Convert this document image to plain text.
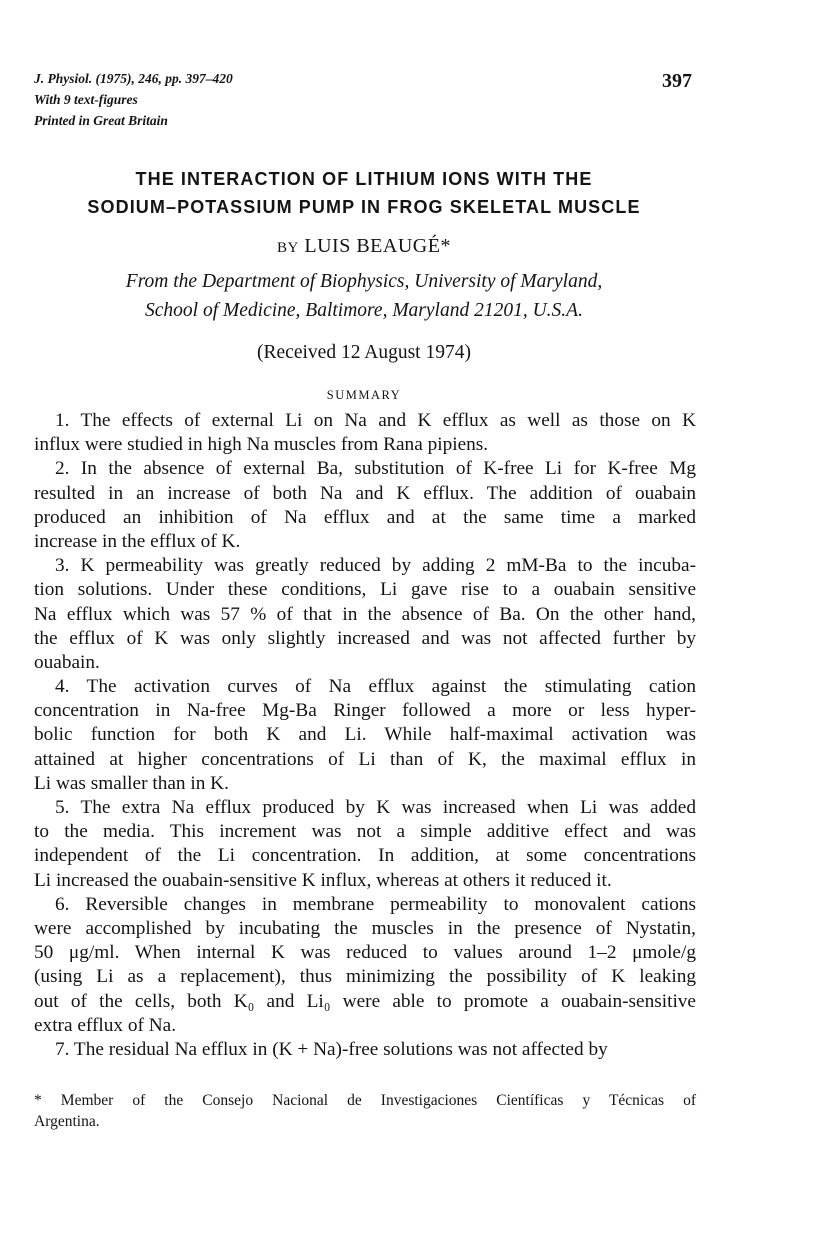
J. Physiol. (1975), 246, pp. 397–420
With 9 text-figures
Printed in Great Britain
397
THE INTERACTION OF LITHIUM IONS WITH THE
SODIUM–POTASSIUM PUMP IN FROG SKELETAL MUSCLE
BY LUIS BEAUGÉ*
From the Department of Biophysics, University of Maryland,
School of Medicine, Baltimore, Maryland 21201, U.S.A.
(Received 12 August 1974)
SUMMARY
1. The effects of external Li on Na and K efflux as well as those on K
influx were studied in high Na muscles from Rana pipiens.
2. In the absence of external Ba, substitution of K-free Li for K-free Mg
resulted in an increase of both Na and K efflux. The addition of ouabain
produced an inhibition of Na efflux and at the same time a marked
increase in the efflux of K.
3. K permeability was greatly reduced by adding 2 mM-Ba to the incuba-
tion solutions. Under these conditions, Li gave rise to a ouabain sensitive
Na efflux which was 57 % of that in the absence of Ba. On the other hand,
the efflux of K was only slightly increased and was not affected further by
ouabain.
4. The activation curves of Na efflux against the stimulating cation
concentration in Na-free Mg-Ba Ringer followed a more or less hyper-
bolic function for both K and Li. While half-maximal activation was
attained at higher concentrations of Li than of K, the maximal efflux in
Li was smaller than in K.
5. The extra Na efflux produced by K was increased when Li was added
to the media. This increment was not a simple additive effect and was
independent of the Li concentration. In addition, at some concentrations
Li increased the ouabain-sensitive K influx, whereas at others it reduced it.
6. Reversible changes in membrane permeability to monovalent cations
were accomplished by incubating the muscles in the presence of Nystatin,
50 μg/ml. When internal K was reduced to values around 1–2 μmole/g
(using Li as a replacement), thus minimizing the possibility of K leaking
out of the cells, both K₀ and Li₀ were able to promote a ouabain-sensitive
extra efflux of Na.
7. The residual Na efflux in (K + Na)-free solutions was not affected by
* Member of the Consejo Nacional de Investigaciones Científicas y Técnicas of
Argentina.
